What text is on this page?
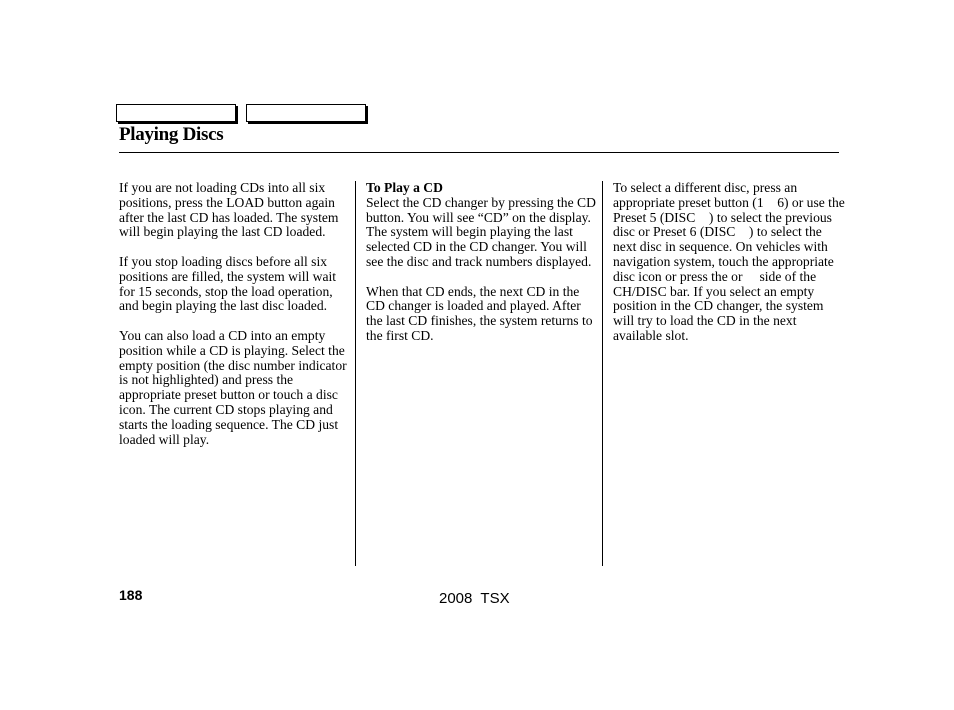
Playing Discs

If you are not loading CDs into all six positions, press the LOAD button again after the last CD has loaded. The system will begin playing the last CD loaded.

If you stop loading discs before all six positions are filled, the system will wait for 15 seconds, stop the load operation, and begin playing the last disc loaded.

You can also load a CD into an empty position while a CD is playing. Select the empty position (the disc number indicator is not highlighted) and press the appropriate preset button or touch a disc icon. The current CD stops playing and starts the loading sequence. The CD just loaded will play.

To Play a CD
Select the CD changer by pressing the CD button. You will see “CD” on the display. The system will begin playing the last selected CD in the CD changer. You will see the disc and track numbers displayed.

When that CD ends, the next CD in the CD changer is loaded and played. After the last CD finishes, the system returns to the first CD.

To select a different disc, press an appropriate preset button (1    6) or use the Preset 5 (DISC    ) to select the previous disc or Preset 6 (DISC    ) to select the next disc in sequence. On vehicles with navigation system, touch the appropriate disc icon or press the or     side of the CH/DISC bar. If you select an empty position in the CD changer, the system will try to load the CD in the next available slot.

188	2008  TSX
